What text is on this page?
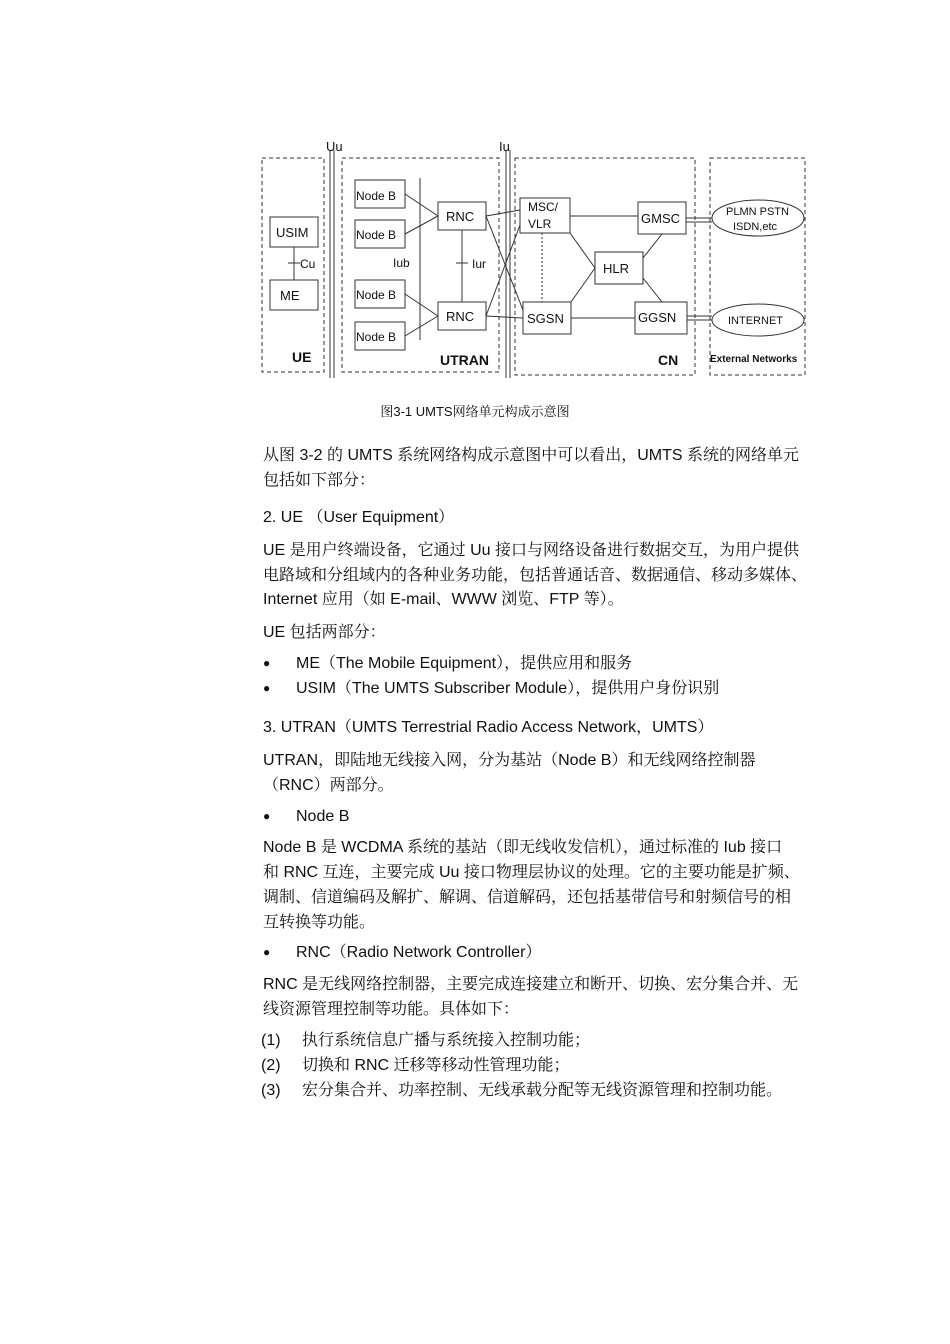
Uu	Iu
USIM
ME
Cu
Node B
Node B
Node B
Node B
Iub
RNC
RNC
Iur
MSC/
VLR	GMSC
HLR
SGSN	GGSN
PLMN PSTN
ISDN,etc
INTERNET
UE	UTRAN	CN	External Networks
图3-1 UMTS网络单元构成示意图
从图 3-2 的 UMTS 系统网络构成示意图中可以看出，UMTS 系统的网络单元
包括如下部分：
2. UE （User Equipment）
UE 是用户终端设备，它通过 Uu 接口与网络设备进行数据交互，为用户提供
电路域和分组域内的各种业务功能，包括普通话音、数据通信、移动多媒体、
Internet 应用（如 E-mail、WWW 浏览、FTP 等）。
UE 包括两部分：
● ME（The Mobile Equipment），提供应用和服务
● USIM（The UMTS Subscriber Module），提供用户身份识别
3. UTRAN（UMTS Terrestrial Radio Access Network，UMTS）
UTRAN，即陆地无线接入网，分为基站（Node B）和无线网络控制器
（RNC）两部分。
● Node B
Node B 是 WCDMA 系统的基站（即无线收发信机），通过标准的 Iub 接口
和 RNC 互连，主要完成 Uu 接口物理层协议的处理。它的主要功能是扩频、
调制、信道编码及解扩、解调、信道解码，还包括基带信号和射频信号的相
互转换等功能。
● RNC（Radio Network Controller）
RNC 是无线网络控制器，主要完成连接建立和断开、切换、宏分集合并、无
线资源管理控制等功能。具体如下：
(1) 执行系统信息广播与系统接入控制功能；
(2) 切换和 RNC 迁移等移动性管理功能；
(3) 宏分集合并、功率控制、无线承载分配等无线资源管理和控制功能。
